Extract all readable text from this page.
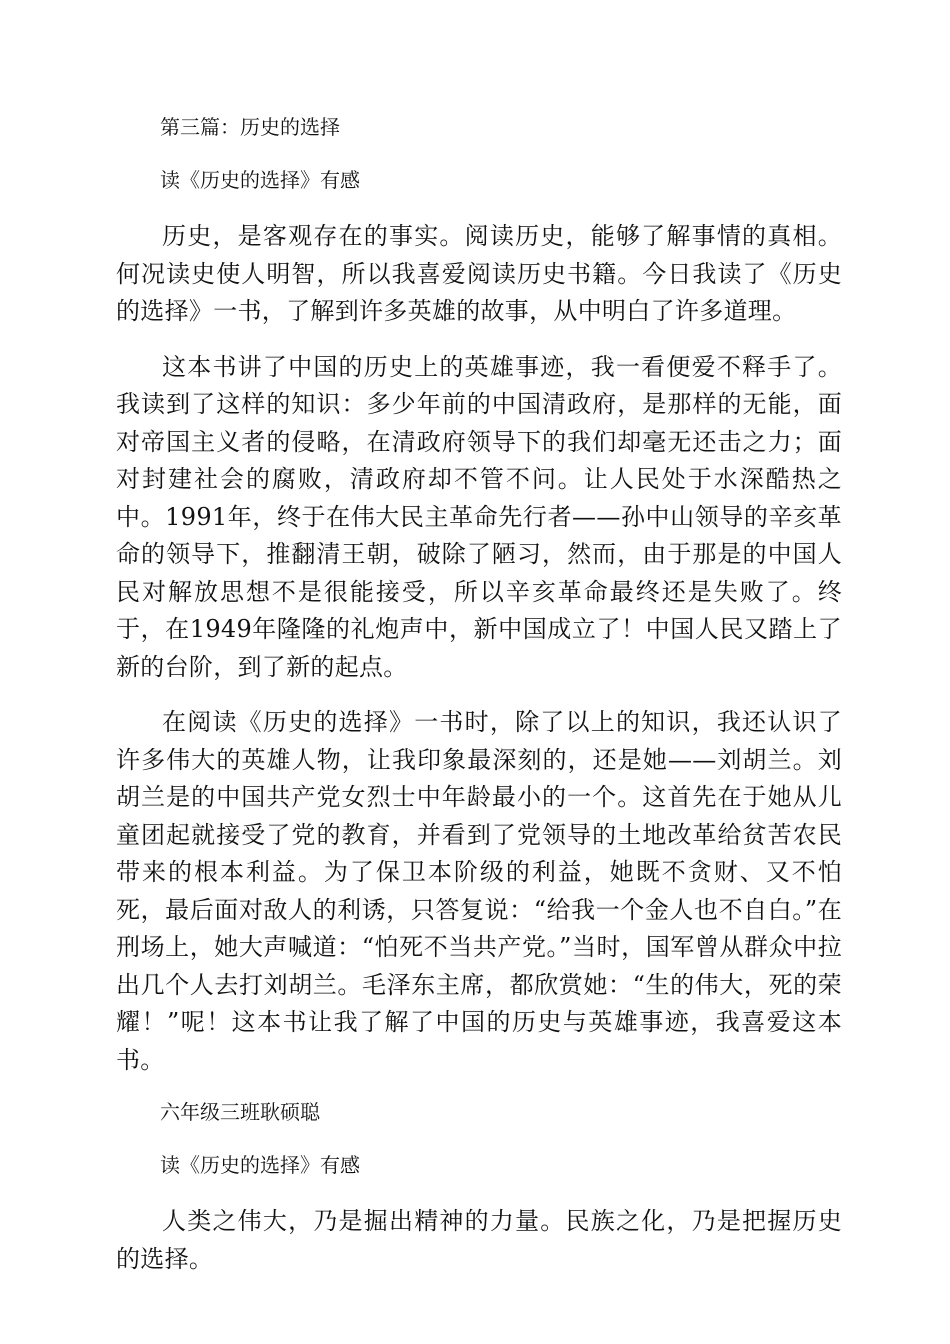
第三篇：历史的选择
读《历史的选择》有感

历史，是客观存在的事实。阅读历史，能够了解事情的真相。何况读史使人明智，所以我喜爱阅读历史书籍。今日我读了《历史的选择》一书，了解到许多英雄的故事，从中明白了许多道理。

这本书讲了中国的历史上的英雄事迹，我一看便爱不释手了。我读到了这样的知识：多少年前的中国清政府，是那样的无能，面对帝国主义者的侵略，在清政府领导下的我们却毫无还击之力；面对封建社会的腐败，清政府却不管不问。让人民处于水深酷热之中。1991年，终于在伟大民主革命先行者——孙中山领导的辛亥革命的领导下，推翻清王朝，破除了陋习，然而，由于那是的中国人民对解放思想不是很能接受，所以辛亥革命最终还是失败了。终于，在1949年隆隆的礼炮声中，新中国成立了！中国人民又踏上了新的台阶，到了新的起点。

在阅读《历史的选择》一书时，除了以上的知识，我还认识了许多伟大的英雄人物，让我印象最深刻的，还是她——刘胡兰。刘胡兰是的中国共产党女烈士中年龄最小的一个。这首先在于她从儿童团起就接受了党的教育，并看到了党领导的土地改革给贫苦农民带来的根本利益。为了保卫本阶级的利益，她既不贪财、又不怕死，最后面对敌人的利诱，只答复说：“给我一个金人也不自白。”在刑场上，她大声喊道：“怕死不当共产党。”当时，国军曾从群众中拉出几个人去打刘胡兰。毛泽东主席，都欣赏她：“生的伟大，死的荣耀！”呢！这本书让我了解了中国的历史与英雄事迹，我喜爱这本书。

六年级三班耿硕聪
读《历史的选择》有感

人类之伟大，乃是掘出精神的力量。民族之化，乃是把握历史的选择。
